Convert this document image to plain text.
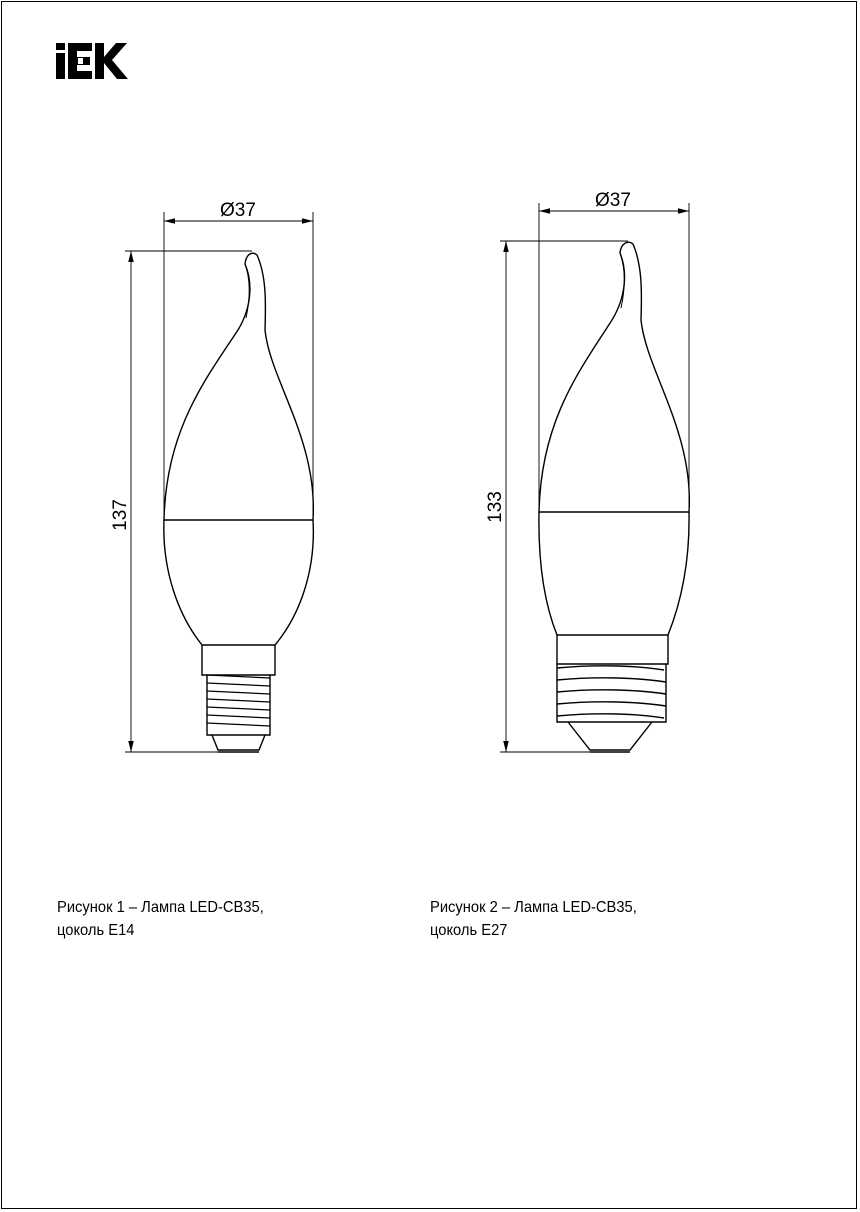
Ø37
137
Ø37
133
Рисунок 1 – Лампа LED-CB35,
цоколь E14
Рисунок 2 – Лампа LED-CB35,
цоколь E27
